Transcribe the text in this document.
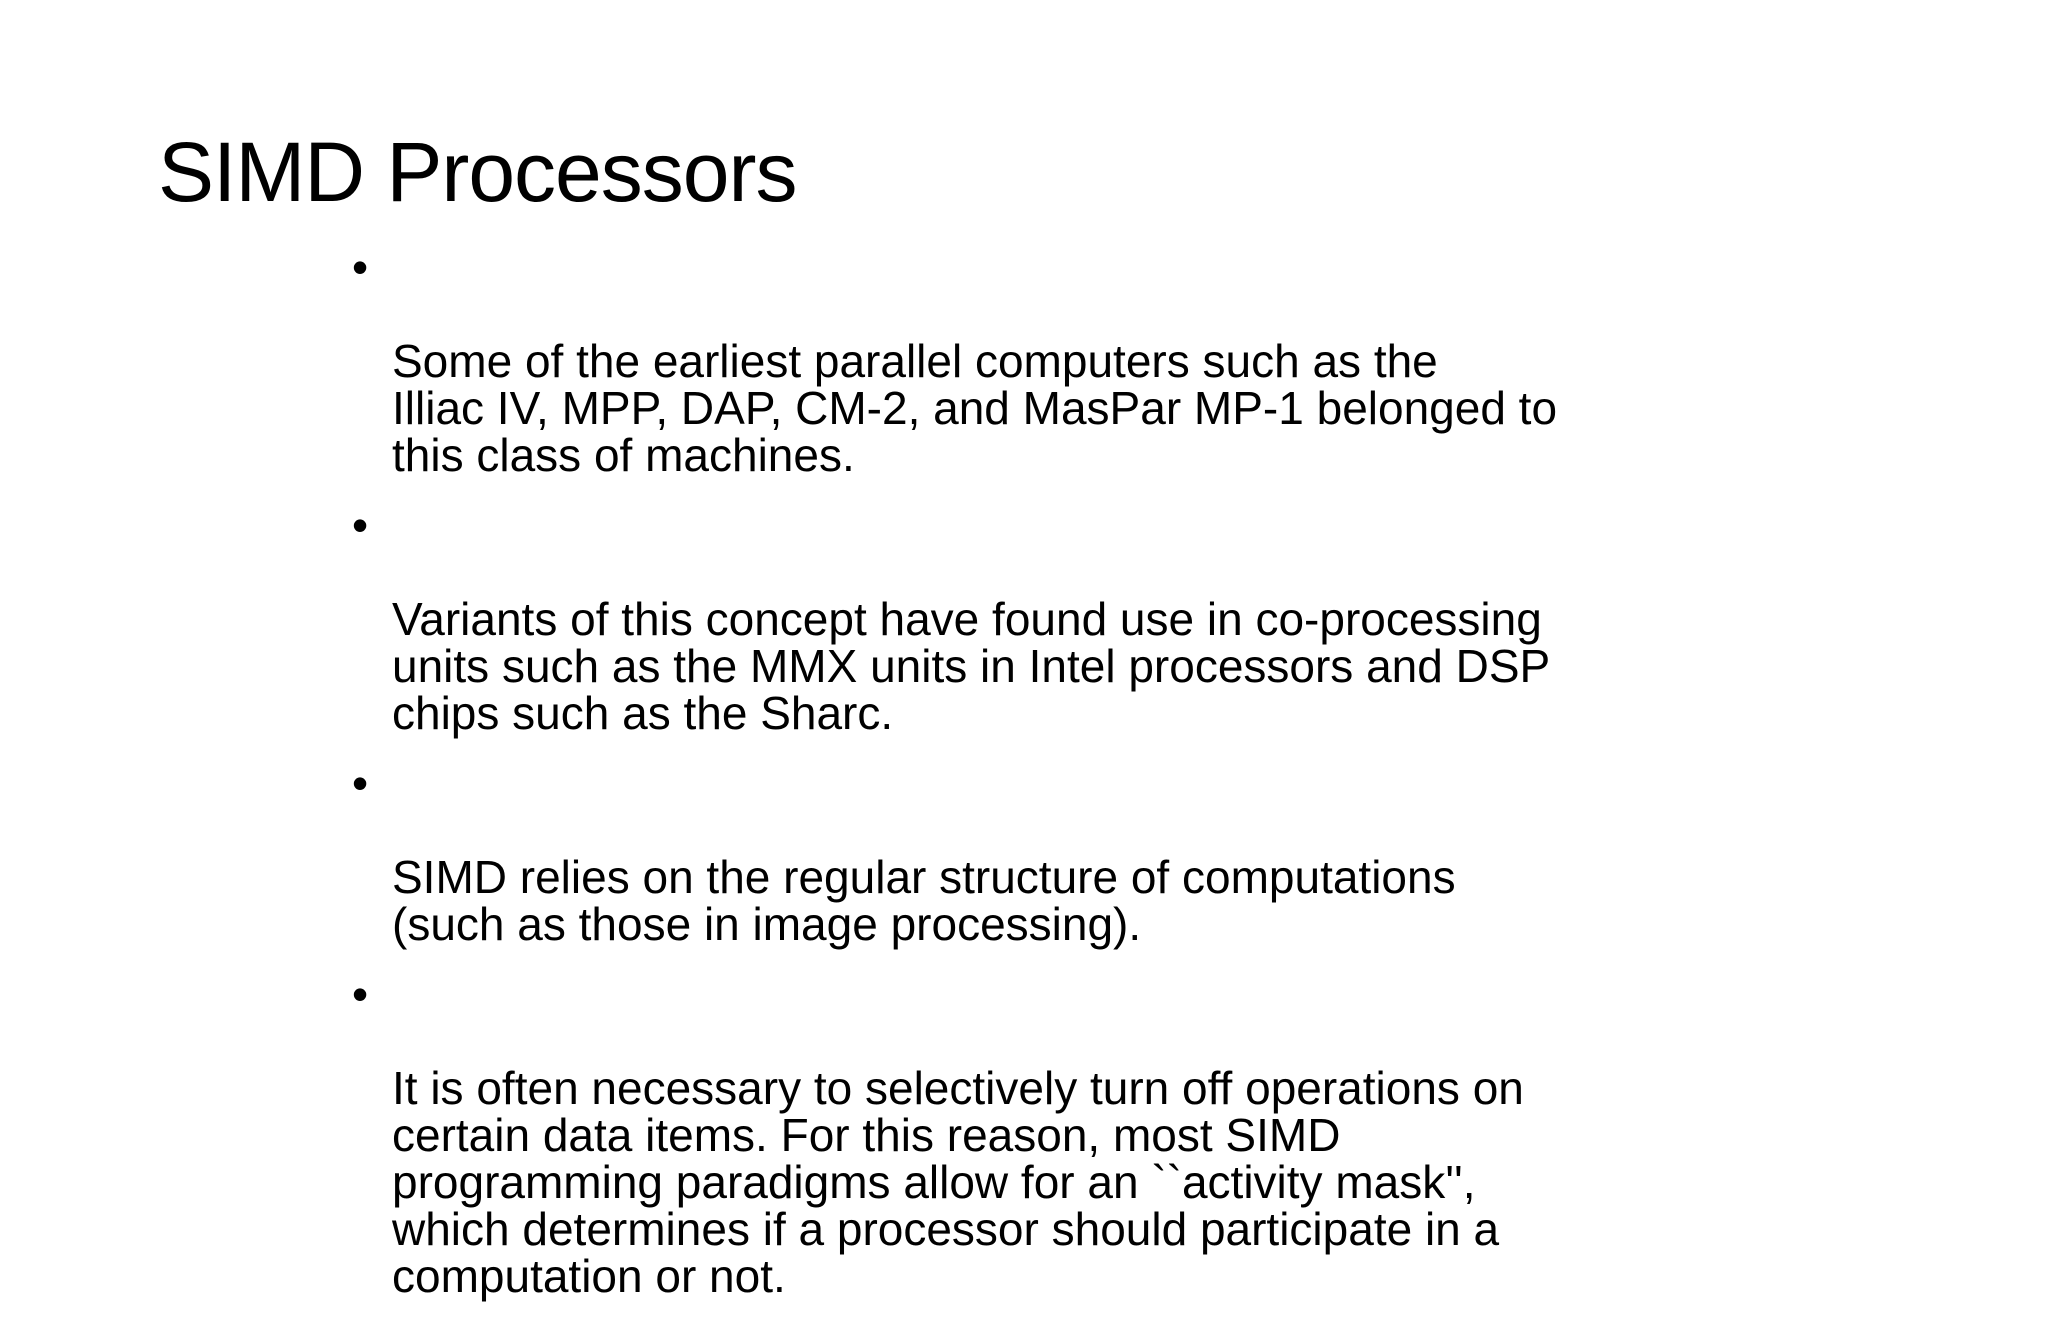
SIMD Processors

•

Some of the earliest parallel computers such as the
Illiac IV, MPP, DAP, CM-2, and MasPar MP-1 belonged to
this class of machines.

•

Variants of this concept have found use in co-processing
units such as the MMX units in Intel processors and DSP
chips such as the Sharc.

•

SIMD relies on the regular structure of computations
(such as those in image processing).

•

It is often necessary to selectively turn off operations on
certain data items. For this reason, most SIMD
programming paradigms allow for an ``activity mask'',
which determines if a processor should participate in a
computation or not.
